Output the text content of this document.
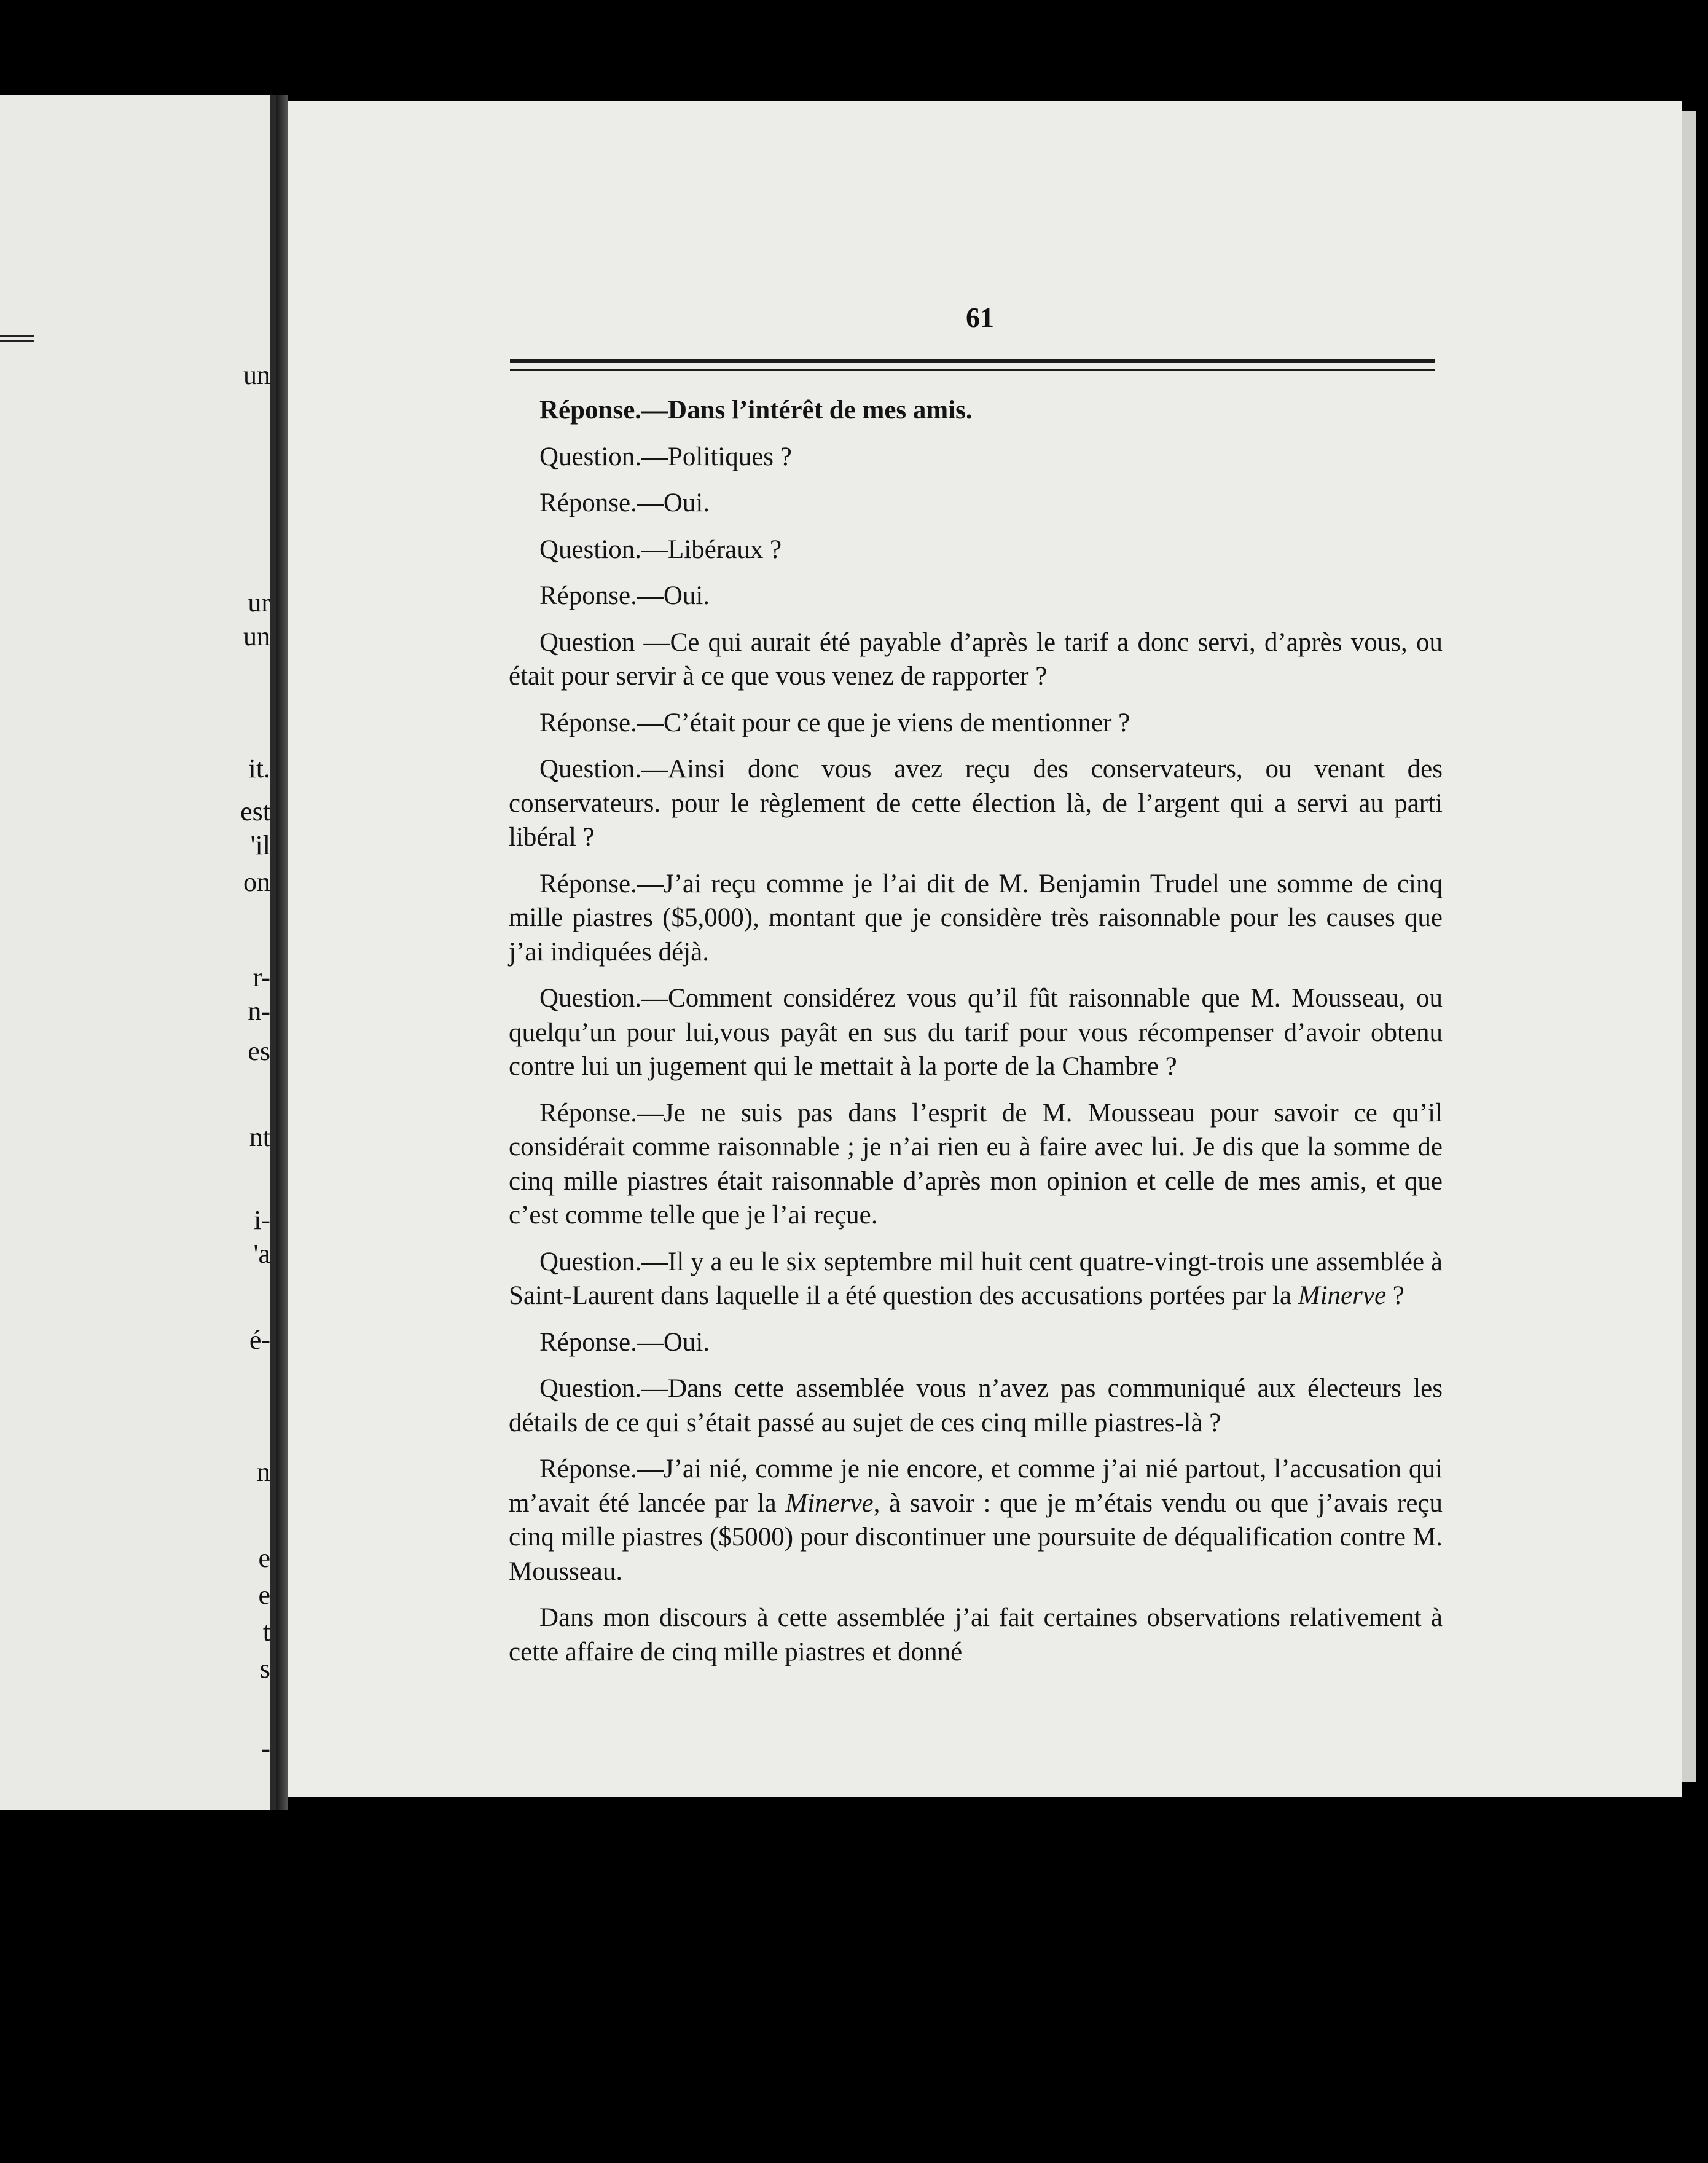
un
ur
un
it.
est
'il
on
r-
n-
es
nt
i-
'a
é-
n
e
e
t
s
-
61

Réponse.—Dans l’intérêt de mes amis.

Question.—Politiques ?

Réponse.—Oui.

Question.—Libéraux ?

Réponse.—Oui.

Question —Ce qui aurait été payable d’après le tarif a donc servi, d’après vous, ou était pour servir à ce que vous venez de rapporter ?

Réponse.—C’était pour ce que je viens de mentionner ?

Question.—Ainsi donc vous avez reçu des conservateurs, ou venant des conservateurs. pour le règlement de cette élection là, de l’argent qui a servi au parti libéral ?

Réponse.—J’ai reçu comme je l’ai dit de M. Benjamin Trudel une somme de cinq mille piastres ($5,000), montant que je considère très raisonnable pour les causes que j’ai indiquées déjà.

Question.—Comment considérez vous qu’il fût raisonnable que M. Mousseau, ou quelqu’un pour lui,vous payât en sus du tarif pour vous récompenser d’avoir obtenu contre lui un jugement qui le mettait à la porte de la Chambre ?

Réponse.—Je ne suis pas dans l’esprit de M. Mousseau pour savoir ce qu’il considérait comme raisonnable ; je n’ai rien eu à faire avec lui. Je dis que la somme de cinq mille piastres était raisonnable d’après mon opinion et celle de mes amis, et que c’est comme telle que je l’ai reçue.

Question.—Il y a eu le six septembre mil huit cent quatre-vingt-trois une assemblée à Saint-Laurent dans laquelle il a été question des accusations portées par la Minerve ?

Réponse.—Oui.

Question.—Dans cette assemblée vous n’avez pas communiqué aux électeurs les détails de ce qui s’était passé au sujet de ces cinq mille piastres-là ?

Réponse.—J’ai nié, comme je nie encore, et comme j’ai nié partout, l’accusation qui m’avait été lancée par la Minerve, à savoir : que je m’étais vendu ou que j’avais reçu cinq mille piastres ($5000) pour discontinuer une poursuite de déqualification contre M. Mousseau.

Dans mon discours à cette assemblée j’ai fait certaines observations relativement à cette affaire de cinq mille piastres et donné
